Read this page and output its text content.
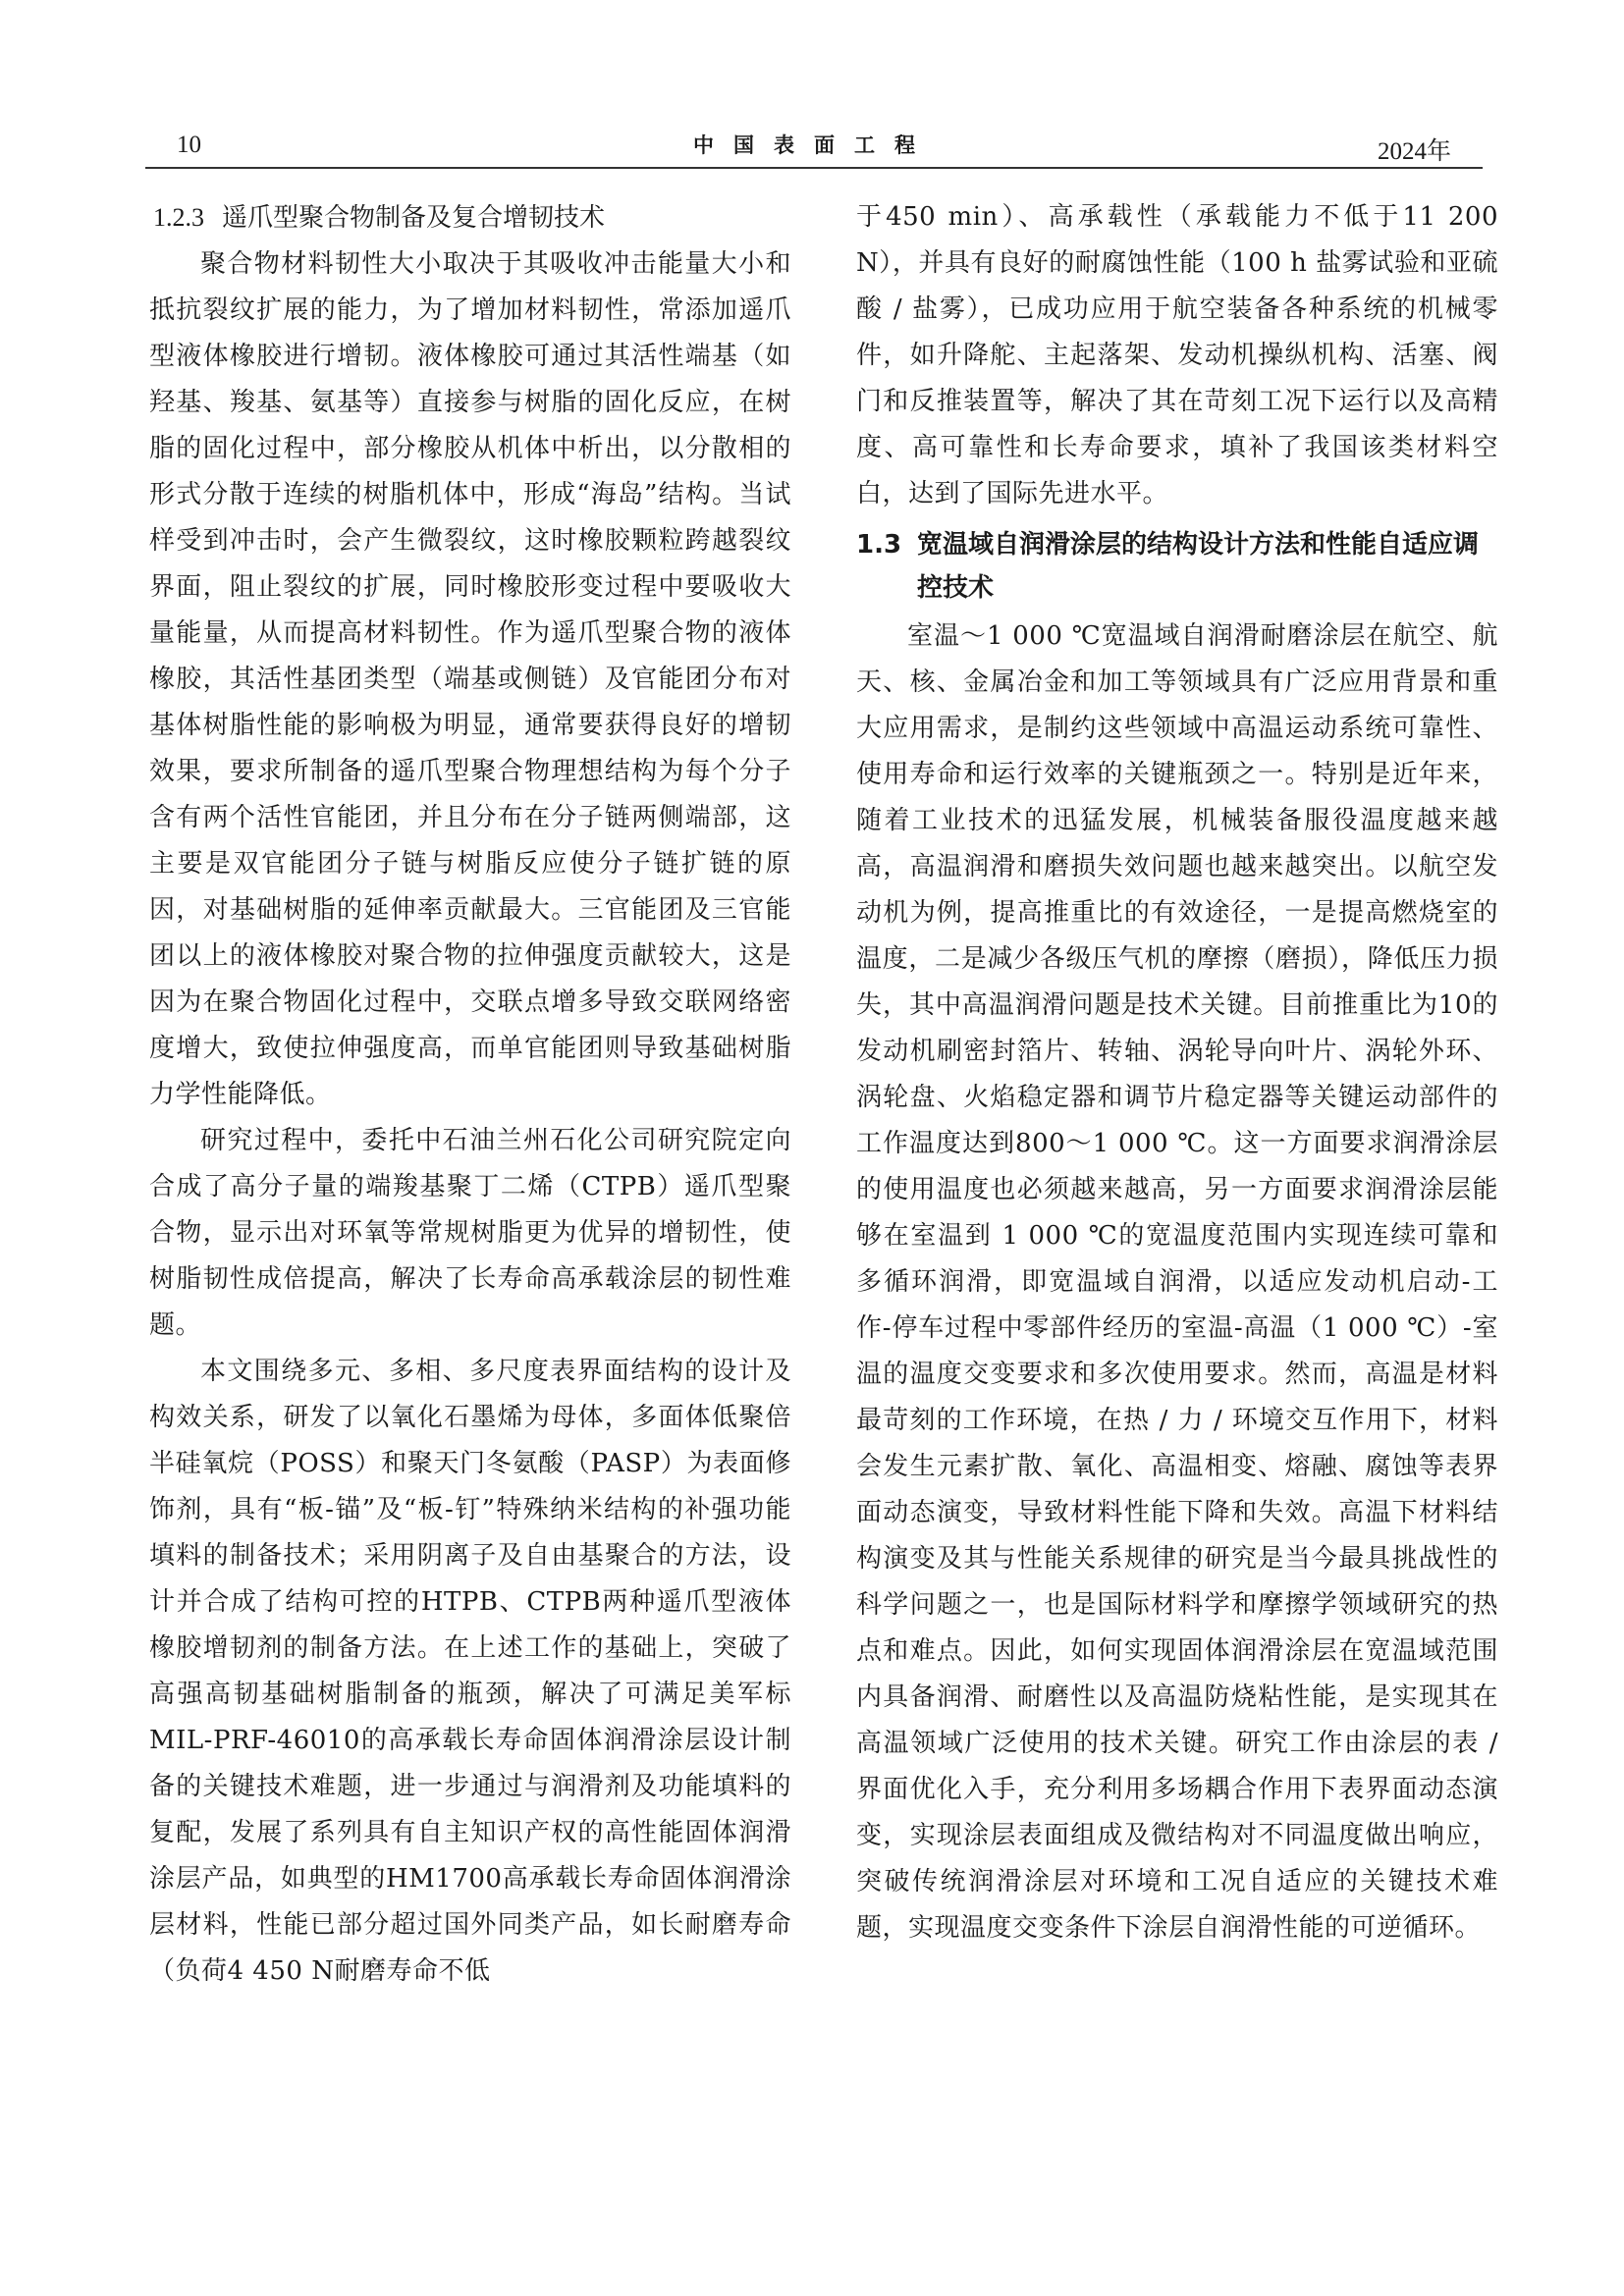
10	中国表面工程	2024年
1.2.3 遥爪型聚合物制备及复合增韧技术

聚合物材料韧性大小取决于其吸收冲击能量大小和抵抗裂纹扩展的能力，为了增加材料韧性，常添加遥爪型液体橡胶进行增韧。液体橡胶可通过其活性端基（如羟基、羧基、氨基等）直接参与树脂的固化反应，在树脂的固化过程中，部分橡胶从机体中析出，以分散相的形式分散于连续的树脂机体中，形成“海岛”结构。当试样受到冲击时，会产生微裂纹，这时橡胶颗粒跨越裂纹界面，阻止裂纹的扩展，同时橡胶形变过程中要吸收大量能量，从而提高材料韧性。作为遥爪型聚合物的液体橡胶，其活性基团类型（端基或侧链）及官能团分布对基体树脂性能的影响极为明显，通常要获得良好的增韧效果，要求所制备的遥爪型聚合物理想结构为每个分子含有两个活性官能团，并且分布在分子链两侧端部，这主要是双官能团分子链与树脂反应使分子链扩链的原因，对基础树脂的延伸率贡献最大。三官能团及三官能团以上的液体橡胶对聚合物的拉伸强度贡献较大，这是因为在聚合物固化过程中，交联点增多导致交联网络密度增大，致使拉伸强度高，而单官能团则导致基础树脂力学性能降低。

研究过程中，委托中石油兰州石化公司研究院定向合成了高分子量的端羧基聚丁二烯（CTPB）遥爪型聚合物，显示出对环氧等常规树脂更为优异的增韧性，使树脂韧性成倍提高，解决了长寿命高承载涂层的韧性难题。

本文围绕多元、多相、多尺度表界面结构的设计及构效关系，研发了以氧化石墨烯为母体，多面体低聚倍半硅氧烷（POSS）和聚天门冬氨酸（PASP）为表面修饰剂，具有“板-锚”及“板-钉”特殊纳米结构的补强功能填料的制备技术；采用阴离子及自由基聚合的方法，设计并合成了结构可控的HTPB、CTPB两种遥爪型液体橡胶增韧剂的制备方法。在上述工作的基础上，突破了高强高韧基础树脂制备的瓶颈，解决了可满足美军标MIL-PRF-46010的高承载长寿命固体润滑涂层设计制备的关键技术难题，进一步通过与润滑剂及功能填料的复配，发展了系列具有自主知识产权的高性能固体润滑涂层产品，如典型的HM1700高承载长寿命固体润滑涂层材料，性能已部分超过国外同类产品，如长耐磨寿命（负荷4 450 N耐磨寿命不低

于450 min）、高承载性（承载能力不低于11 200 N），并具有良好的耐腐蚀性能（100 h 盐雾试验和亚硫酸 / 盐雾），已成功应用于航空装备各种系统的机械零件，如升降舵、主起落架、发动机操纵机构、活塞、阀门和反推装置等，解决了其在苛刻工况下运行以及高精度、高可靠性和长寿命要求，填补了我国该类材料空白，达到了国际先进水平。

1.3 宽温域自润滑涂层的结构设计方法和性能自适应调控技术

室温～1 000 ℃宽温域自润滑耐磨涂层在航空、航天、核、金属冶金和加工等领域具有广泛应用背景和重大应用需求，是制约这些领域中高温运动系统可靠性、使用寿命和运行效率的关键瓶颈之一。特别是近年来，随着工业技术的迅猛发展，机械装备服役温度越来越高，高温润滑和磨损失效问题也越来越突出。以航空发动机为例，提高推重比的有效途径，一是提高燃烧室的温度，二是减少各级压气机的摩擦（磨损），降低压力损失，其中高温润滑问题是技术关键。目前推重比为10的发动机刷密封箔片、转轴、涡轮导向叶片、涡轮外环、涡轮盘、火焰稳定器和调节片稳定器等关键运动部件的工作温度达到800～1 000 ℃。这一方面要求润滑涂层的使用温度也必须越来越高，另一方面要求润滑涂层能够在室温到 1 000 ℃的宽温度范围内实现连续可靠和多循环润滑，即宽温域自润滑，以适应发动机启动-工作-停车过程中零部件经历的室温-高温（1 000 ℃）-室温的温度交变要求和多次使用要求。然而，高温是材料最苛刻的工作环境，在热 / 力 / 环境交互作用下，材料会发生元素扩散、氧化、高温相变、熔融、腐蚀等表界面动态演变，导致材料性能下降和失效。高温下材料结构演变及其与性能关系规律的研究是当今最具挑战性的科学问题之一，也是国际材料学和摩擦学领域研究的热点和难点。因此，如何实现固体润滑涂层在宽温域范围内具备润滑、耐磨性以及高温防烧粘性能，是实现其在高温领域广泛使用的技术关键。研究工作由涂层的表 / 界面优化入手，充分利用多场耦合作用下表界面动态演变，实现涂层表面组成及微结构对不同温度做出响应，突破传统润滑涂层对环境和工况自适应的关键技术难题，实现温度交变条件下涂层自润滑性能的可逆循环。
